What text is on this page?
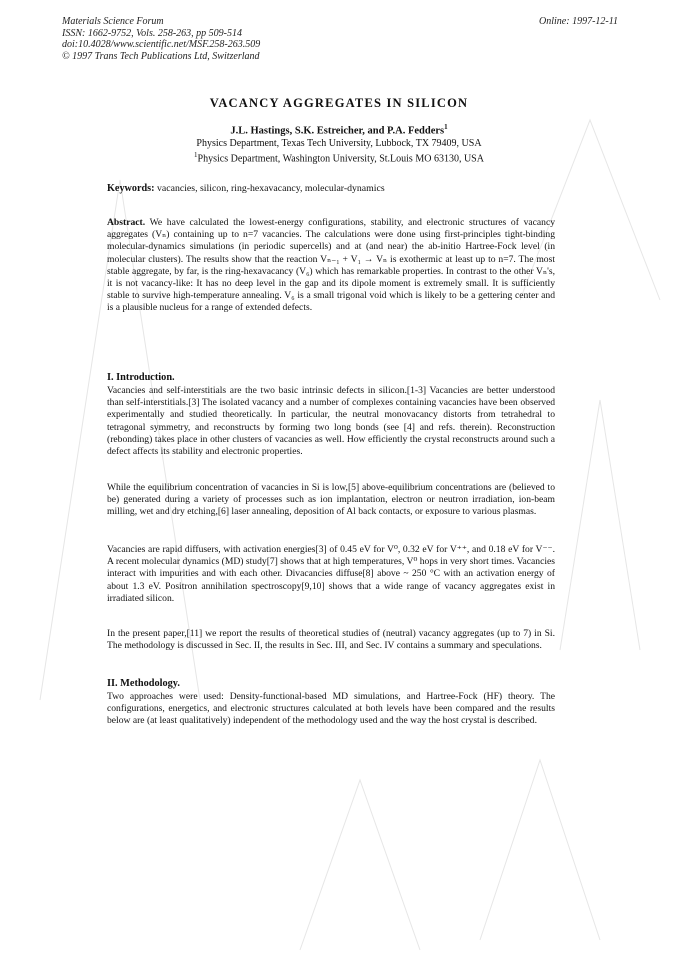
Materials Science Forum
ISSN: 1662-9752, Vols. 258-263, pp 509-514
doi:10.4028/www.scientific.net/MSF.258-263.509
© 1997 Trans Tech Publications Ltd, Switzerland
Online: 1997-12-11
VACANCY AGGREGATES IN SILICON
J.L. Hastings, S.K. Estreicher, and P.A. Fedders$^1$
Physics Department, Texas Tech University, Lubbock, TX 79409, USA
$^1$Physics Department, Washington University, St.Louis MO 63130, USA
Keywords: vacancies, silicon, ring-hexavacancy, molecular-dynamics
Abstract. We have calculated the lowest-energy configurations, stability, and electronic structures of vacancy aggregates (Vₙ) containing up to n=7 vacancies. The calculations were done using first-principles tight-binding molecular-dynamics simulations (in periodic supercells) and at (and near) the ab-initio Hartree-Fock level (in molecular clusters). The results show that the reaction Vₙ₋₁ + V₁ → Vₙ is exothermic at least up to n=7. The most stable aggregate, by far, is the ring-hexavacancy (V₆) which has remarkable properties. In contrast to the other Vₙ's, it is not vacancy-like: It has no deep level in the gap and its dipole moment is extremely small. It is sufficiently stable to survive high-temperature annealing. V₆ is a small trigonal void which is likely to be a gettering center and is a plausible nucleus for a range of extended defects.
I. Introduction.
Vacancies and self-interstitials are the two basic intrinsic defects in silicon.[1-3] Vacancies are better understood than self-interstitials.[3] The isolated vacancy and a number of complexes containing vacancies have been observed experimentally and studied theoretically. In particular, the neutral monovacancy distorts from tetrahedral to tetragonal symmetry, and reconstructs by forming two long bonds (see [4] and refs. therein). Reconstruction (rebonding) takes place in other clusters of vacancies as well. How efficiently the crystal reconstructs around such a defect affects its stability and electronic properties.
While the equilibrium concentration of vacancies in Si is low,[5] above-equilibrium concentrations are (believed to be) generated during a variety of processes such as ion implantation, electron or neutron irradiation, ion-beam milling, wet and dry etching,[6] laser annealing, deposition of Al back contacts, or exposure to various plasmas.
Vacancies are rapid diffusers, with activation energies[3] of 0.45 eV for V⁰, 0.32 eV for V⁺⁺, and 0.18 eV for V⁻⁻. A recent molecular dynamics (MD) study[7] shows that at high temperatures, V⁰ hops in very short times. Vacancies interact with impurities and with each other. Divacancies diffuse[8] above ~ 250 °C with an activation energy of about 1.3 eV. Positron annihilation spectroscopy[9,10] shows that a wide range of vacancy aggregates exist in irradiated silicon.
In the present paper,[11] we report the results of theoretical studies of (neutral) vacancy aggregates (up to 7) in Si. The methodology is discussed in Sec. II, the results in Sec. III, and Sec. IV contains a summary and speculations.
II. Methodology.
Two approaches were used: Density-functional-based MD simulations, and Hartree-Fock (HF) theory. The configurations, energetics, and electronic structures calculated at both levels have been compared and the results below are (at least qualitatively) independent of the methodology used and the way the host crystal is described.
